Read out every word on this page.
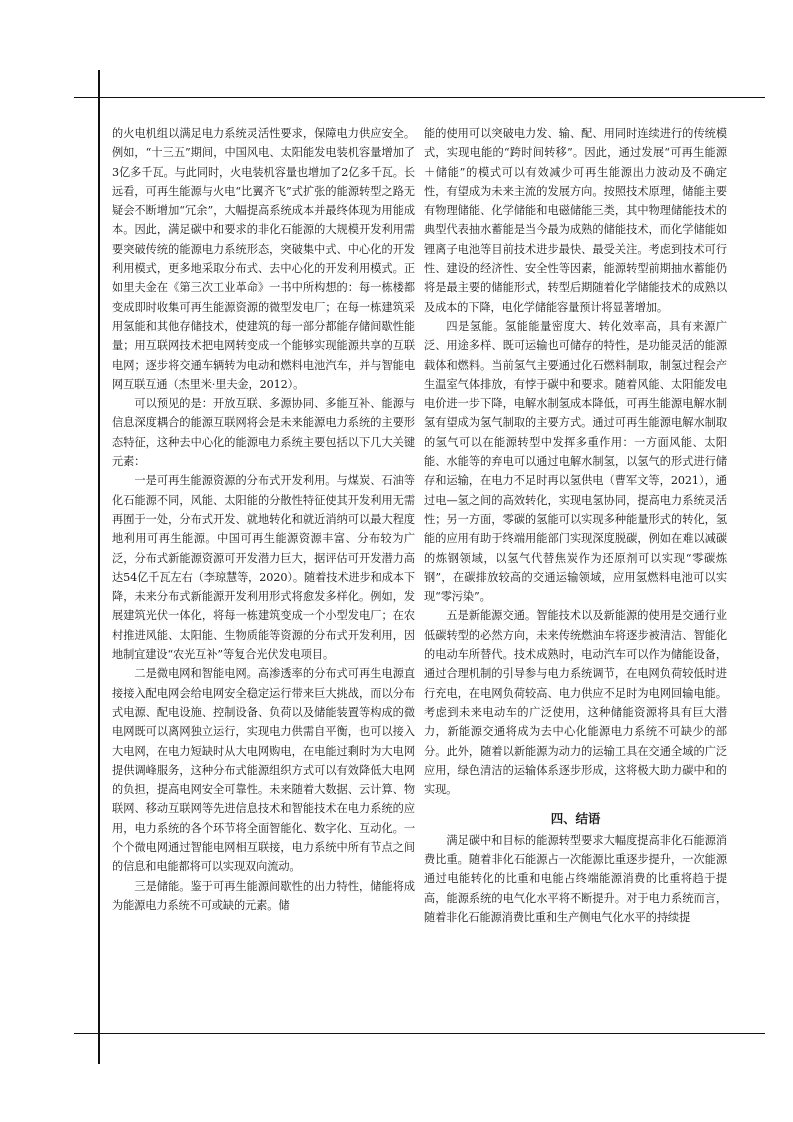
的火电机组以满足电力系统灵活性要求，保障电力供应安全。例如，“十三五”期间，中国风电、太阳能发电装机容量增加了3亿多千瓦。与此同时，火电装机容量也增加了2亿多千瓦。长远看，可再生能源与火电“比翼齐飞”式扩张的能源转型之路无疑会不断增加“冗余”，大幅提高系统成本并最终体现为用能成本。因此，满足碳中和要求的非化石能源的大规模开发利用需要突破传统的能源电力系统形态，突破集中式、中心化的开发利用模式，更多地采取分布式、去中心化的开发利用模式。正如里夫金在《第三次工业革命》一书中所构想的：每一栋楼都变成即时收集可再生能源资源的微型发电厂；在每一栋建筑采用氢能和其他存储技术，使建筑的每一部分都能存储间歇性能量；用互联网技术把电网转变成一个能够实现能源共享的互联电网；逐步将交通车辆转为电动和燃料电池汽车，并与智能电网互联互通（杰里米·里夫金，2012）。

可以预见的是：开放互联、多源协同、多能互补、能源与信息深度耦合的能源互联网将会是未来能源电力系统的主要形态特征，这种去中心化的能源电力系统主要包括以下几大关键元素：

一是可再生能源资源的分布式开发利用。与煤炭、石油等化石能源不同，风能、太阳能的分散性特征使其开发利用无需再囿于一处，分布式开发、就地转化和就近消纳可以最大程度地利用可再生能源。中国可再生能源资源丰富、分布较为广泛，分布式新能源资源可开发潜力巨大，据评估可开发潜力高达54亿千瓦左右（李琼慧等，2020）。随着技术进步和成本下降，未来分布式新能源开发利用形式将愈发多样化。例如，发展建筑光伏一体化，将每一栋建筑变成一个小型发电厂；在农村推进风能、太阳能、生物质能等资源的分布式开发利用，因地制宜建设“农光互补”等复合光伏发电项目。

二是微电网和智能电网。高渗透率的分布式可再生电源直接接入配电网会给电网安全稳定运行带来巨大挑战，而以分布式电源、配电设施、控制设备、负荷以及储能装置等构成的微电网既可以离网独立运行，实现电力供需自平衡，也可以接入大电网，在电力短缺时从大电网购电，在电能过剩时为大电网提供调峰服务，这种分布式能源组织方式可以有效降低大电网的负担，提高电网安全可靠性。未来随着大数据、云计算、物联网、移动互联网等先进信息技术和智能技术在电力系统的应用，电力系统的各个环节将全面智能化、数字化、互动化。一个个微电网通过智能电网相互联接，电力系统中所有节点之间的信息和电能都将可以实现双向流动。

三是储能。鉴于可再生能源间歇性的出力特性，储能将成为能源电力系统不可或缺的元素。储

能的使用可以突破电力发、输、配、用同时连续进行的传统模式，实现电能的“跨时间转移”。因此，通过发展“可再生能源＋储能”的模式可以有效减少可再生能源出力波动及不确定性，有望成为未来主流的发展方向。按照技术原理，储能主要有物理储能、化学储能和电磁储能三类，其中物理储能技术的典型代表抽水蓄能是当今最为成熟的储能技术，而化学储能如锂离子电池等目前技术进步最快、最受关注。考虑到技术可行性、建设的经济性、安全性等因素，能源转型前期抽水蓄能仍将是最主要的储能形式，转型后期随着化学储能技术的成熟以及成本的下降，电化学储能容量预计将显著增加。

四是氢能。氢能能量密度大、转化效率高，具有来源广泛、用途多样、既可运输也可储存的特性，是功能灵活的能源载体和燃料。当前氢气主要通过化石燃料制取，制氢过程会产生温室气体排放，有悖于碳中和要求。随着风能、太阳能发电电价进一步下降，电解水制氢成本降低，可再生能源电解水制氢有望成为氢气制取的主要方式。通过可再生能源电解水制取的氢气可以在能源转型中发挥多重作用：一方面风能、太阳能、水能等的弃电可以通过电解水制氢，以氢气的形式进行储存和运输，在电力不足时再以氢供电（曹军文等，2021），通过电—氢之间的高效转化，实现电氢协同，提高电力系统灵活性；另一方面，零碳的氢能可以实现多种能量形式的转化，氢能的应用有助于终端用能部门实现深度脱碳，例如在难以减碳的炼钢领域，以氢气代替焦炭作为还原剂可以实现“零碳炼钢”，在碳排放较高的交通运输领域，应用氢燃料电池可以实现“零污染”。

五是新能源交通。智能技术以及新能源的使用是交通行业低碳转型的必然方向，未来传统燃油车将逐步被清洁、智能化的电动车所替代。技术成熟时，电动汽车可以作为储能设备，通过合理机制的引导参与电力系统调节，在电网负荷较低时进行充电，在电网负荷较高、电力供应不足时为电网回输电能。考虑到未来电动车的广泛使用，这种储能资源将具有巨大潜力，新能源交通将成为去中心化能源电力系统不可缺少的部分。此外，随着以新能源为动力的运输工具在交通全域的广泛应用，绿色清洁的运输体系逐步形成，这将极大助力碳中和的实现。

四、结语

满足碳中和目标的能源转型要求大幅度提高非化石能源消费比重。随着非化石能源占一次能源比重逐步提升，一次能源通过电能转化的比重和电能占终端能源消费的比重将趋于提高，能源系统的电气化水平将不断提升。对于电力系统而言，随着非化石能源消费比重和生产侧电气化水平的持续提
